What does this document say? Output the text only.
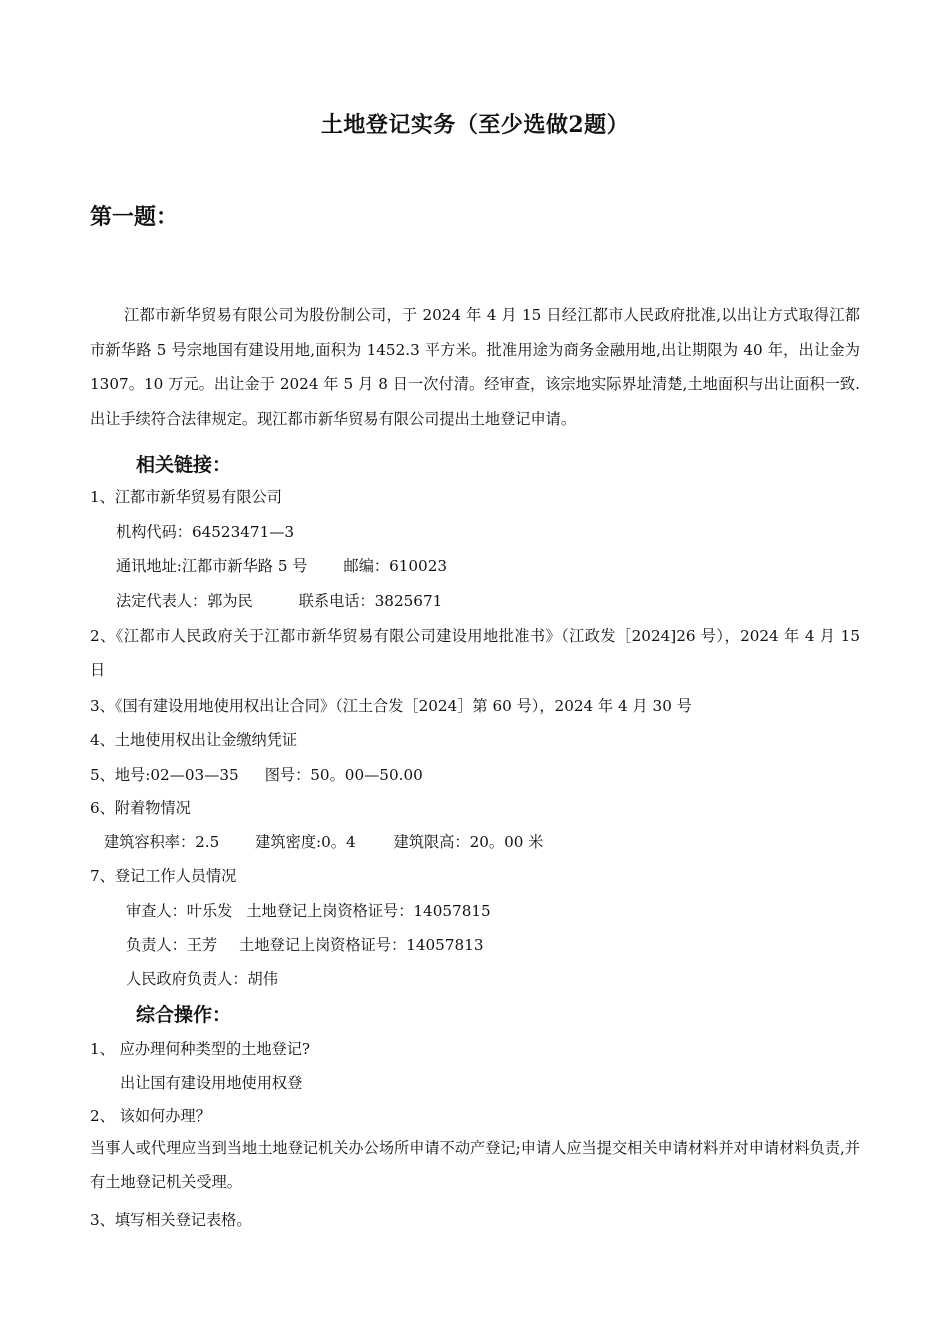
土地登记实务（至少选做2题）
第一题：

江都市新华贸易有限公司为股份制公司，于 2024 年 4 月 15 日经江都市人民政府批准,以出让方式取得江都市新华路 5 号宗地国有建设用地,面积为 1452.3 平方米。批准用途为商务金融用地,出让期限为 40 年，出让金为 1307。10 万元。出让金于 2024 年 5 月 8 日一次付清。经审查，该宗地实际界址清楚,土地面积与出让面积一致.出让手续符合法律规定。现江都市新华贸易有限公司提出土地登记申请。

相关链接：
1、江都市新华贸易有限公司
机构代码：64523471—3
通讯地址:江都市新华路 5 号 邮编：610023
法定代表人：郭为民	联系电话：3825671

2、《江都市人民政府关于江都市新华贸易有限公司建设用地批准书》（江政发［2024]26 号），2024 年 4 月 15 日

3、《国有建设用地使用权出让合同》（江土合发［2024］第 60 号），2024 年 4 月 30 号
4、土地使用权出让金缴纳凭证
5、地号:02—03—35 图号：50。00—50.00
6、附着物情况
建筑容积率：2.5 建筑密度:0。4	建筑限高：20。00 米
7、登记工作人员情况
审查人：叶乐发 土地登记上岗资格证号：14057815
负责人：王芳 土地登记上岗资格证号：14057813
人民政府负责人：胡伟
综合操作：
1、 应办理何种类型的土地登记?
出让国有建设用地使用权登
2、 该如何办理？

当事人或代理应当到当地土地登记机关办公场所申请不动产登记;申请人应当提交相关申请材料并对申请材料负责,并有土地登记机关受理。

3、填写相关登记表格。
